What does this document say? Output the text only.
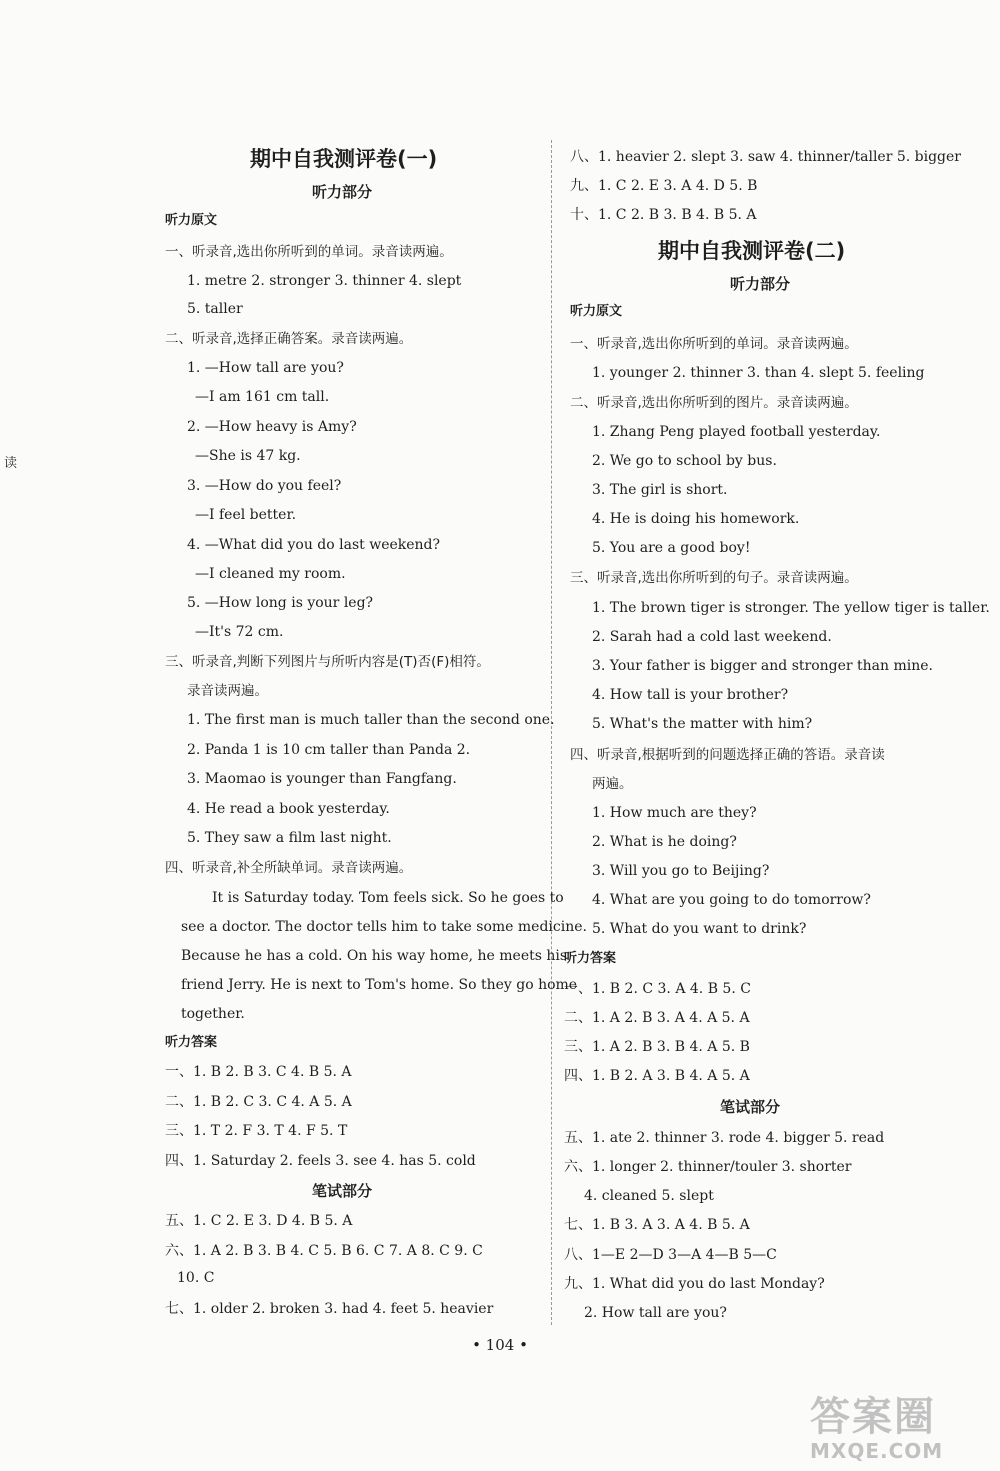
读
期中自我测评卷(一)
听力部分
听力原文
一、听录音,选出你所听到的单词。录音读两遍。
1. metre 2. stronger 3. thinner 4. slept
5. taller
二、听录音,选择正确答案。录音读两遍。
1. —How tall are you?
—I am 161 cm tall.
2. —How heavy is Amy?
—She is 47 kg.
3. —How do you feel?
—I feel better.
4. —What did you do last weekend?
—I cleaned my room.
5. —How long is your leg?
—It's 72 cm.
三、听录音,判断下列图片与所听内容是(T)否(F)相符。
录音读两遍。
1. The first man is much taller than the second one.
2. Panda 1 is 10 cm taller than Panda 2.
3. Maomao is younger than Fangfang.
4. He read a book yesterday.
5. They saw a film last night.
四、听录音,补全所缺单词。录音读两遍。
It is Saturday today. Tom feels sick. So he goes to
see a doctor. The doctor tells him to take some medicine.
Because he has a cold. On his way home, he meets his
friend Jerry. He is next to Tom's home. So they go home
together.
听力答案
一、1. B 2. B 3. C 4. B 5. A
二、1. B 2. C 3. C 4. A 5. A
三、1. T 2. F 3. T 4. F 5. T
四、1. Saturday 2. feels 3. see 4. has 5. cold
笔试部分
五、1. C 2. E 3. D 4. B 5. A
六、1. A 2. B 3. B 4. C 5. B 6. C 7. A 8. C 9. C
10. C
七、1. older 2. broken 3. had 4. feet 5. heavier
八、1. heavier 2. slept 3. saw 4. thinner/taller 5. bigger
九、1. C 2. E 3. A 4. D 5. B
十、1. C 2. B 3. B 4. B 5. A
期中自我测评卷(二)
听力部分
听力原文
一、听录音,选出你所听到的单词。录音读两遍。
1. younger 2. thinner 3. than 4. slept 5. feeling
二、听录音,选出你所听到的图片。录音读两遍。
1. Zhang Peng played football yesterday.
2. We go to school by bus.
3. The girl is short.
4. He is doing his homework.
5. You are a good boy!
三、听录音,选出你所听到的句子。录音读两遍。
1. The brown tiger is stronger. The yellow tiger is taller.
2. Sarah had a cold last weekend.
3. Your father is bigger and stronger than mine.
4. How tall is your brother?
5. What's the matter with him?
四、听录音,根据听到的问题选择正确的答语。录音读
两遍。
1. How much are they?
2. What is he doing?
3. Will you go to Beijing?
4. What are you going to do tomorrow?
5. What do you want to drink?
听力答案
一、1. B 2. C 3. A 4. B 5. C
二、1. A 2. B 3. A 4. A 5. A
三、1. A 2. B 3. B 4. A 5. B
四、1. B 2. A 3. B 4. A 5. A
笔试部分
五、1. ate 2. thinner 3. rode 4. bigger 5. read
六、1. longer 2. thinner/touler 3. shorter
4. cleaned 5. slept
七、1. B 3. A 3. A 4. B 5. A
八、1—E 2—D 3—A 4—B 5—C
九、1. What did you do last Monday?
2. How tall are you?
• 104 •
答案圈
MXQE.COM
